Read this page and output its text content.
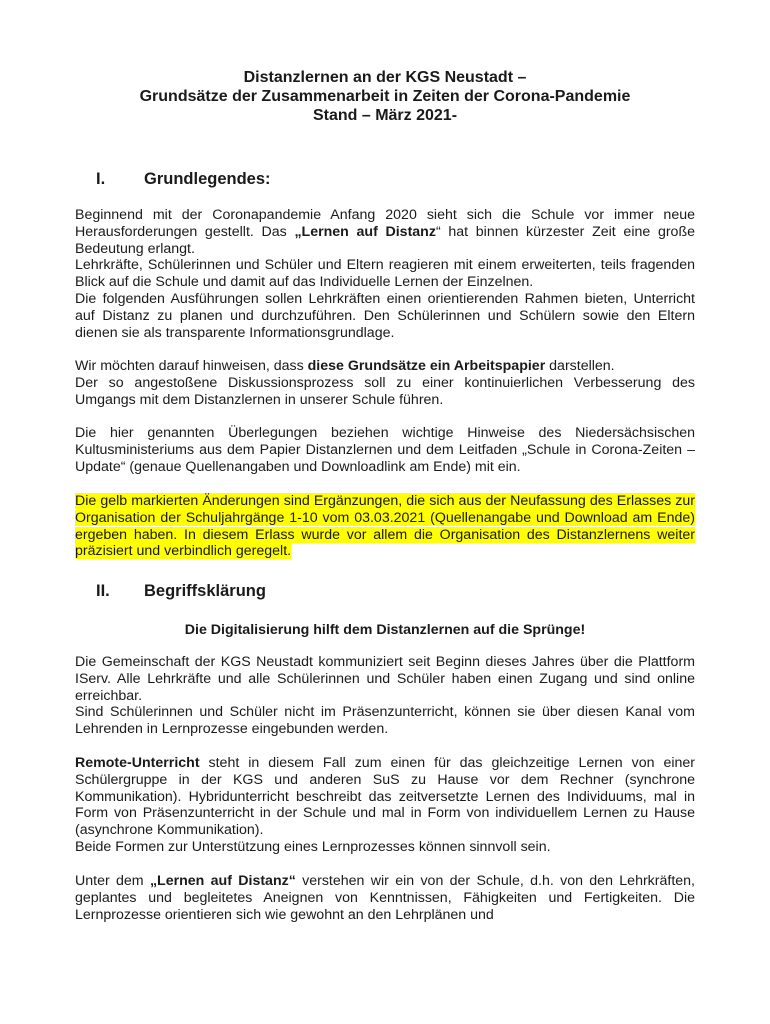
Distanzlernen an der KGS Neustadt –
Grundsätze der Zusammenarbeit in Zeiten der Corona-Pandemie
Stand – März 2021-
I. Grundlegendes:

Beginnend mit der Coronapandemie Anfang 2020 sieht sich die Schule vor immer neue Herausforderungen gestellt. Das „Lernen auf Distanz“ hat binnen kürzester Zeit eine große Bedeutung erlangt.

Lehrkräfte, Schülerinnen und Schüler und Eltern reagieren mit einem erweiterten, teils fragenden Blick auf die Schule und damit auf das Individuelle Lernen der Einzelnen.

Die folgenden Ausführungen sollen Lehrkräften einen orientierenden Rahmen bieten, Unterricht auf Distanz zu planen und durchzuführen. Den Schülerinnen und Schülern sowie den Eltern dienen sie als transparente Informationsgrundlage.

Wir möchten darauf hinweisen, dass diese Grundsätze ein Arbeitspapier darstellen.

Der so angestoßene Diskussionsprozess soll zu einer kontinuierlichen Verbesserung des Umgangs mit dem Distanzlernen in unserer Schule führen.

Die hier genannten Überlegungen beziehen wichtige Hinweise des Niedersächsischen Kultusministeriums aus dem Papier Distanzlernen und dem Leitfaden „Schule in Corona-Zeiten – Update“ (genaue Quellenangaben und Downloadlink am Ende) mit ein.

Die gelb markierten Änderungen sind Ergänzungen, die sich aus der Neufassung des Erlasses zur Organisation der Schuljahrgänge 1-10 vom 03.03.2021 (Quellenangabe und Download am Ende) ergeben haben. In diesem Erlass wurde vor allem die Organisation des Distanzlernens weiter präzisiert und verbindlich geregelt.

II. Begriffsklärung
Die Digitalisierung hilft dem Distanzlernen auf die Sprünge!

Die Gemeinschaft der KGS Neustadt kommuniziert seit Beginn dieses Jahres über die Plattform IServ. Alle Lehrkräfte und alle Schülerinnen und Schüler haben einen Zugang und sind online erreichbar.

Sind Schülerinnen und Schüler nicht im Präsenzunterricht, können sie über diesen Kanal vom Lehrenden in Lernprozesse eingebunden werden.

Remote-Unterricht steht in diesem Fall zum einen für das gleichzeitige Lernen von einer Schülergruppe in der KGS und anderen SuS zu Hause vor dem Rechner (synchrone Kommunikation). Hybridunterricht beschreibt das zeitversetzte Lernen des Individuums, mal in Form von Präsenzunterricht in der Schule und mal in Form von individuellem Lernen zu Hause (asynchrone Kommunikation).

Beide Formen zur Unterstützung eines Lernprozesses können sinnvoll sein.

Unter dem „Lernen auf Distanz“ verstehen wir ein von der Schule, d.h. von den Lehrkräften, geplantes und begleitetes Aneignen von Kenntnissen, Fähigkeiten und Fertigkeiten. Die Lernprozesse orientieren sich wie gewohnt an den Lehrplänen und
